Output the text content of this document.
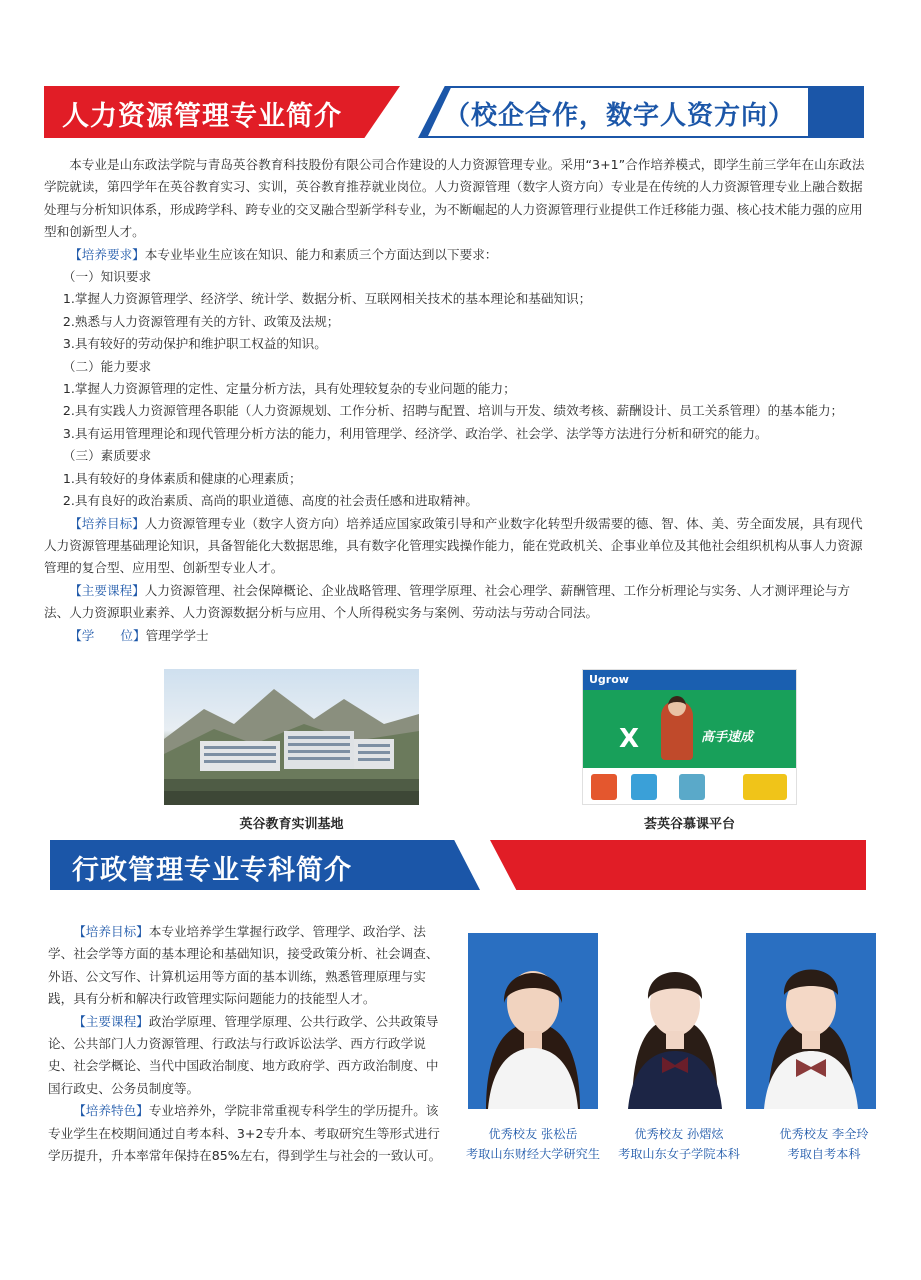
人力资源管理专业简介	（校企合作，数字人资方向）

本专业是山东政法学院与青岛英谷教育科技股份有限公司合作建设的人力资源管理专业。采用“3+1”合作培养模式，即学生前三学年在山东政法学院就读，第四学年在英谷教育实习、实训，英谷教育推荐就业岗位。人力资源管理（数字人资方向）专业是在传统的人力资源管理专业上融合数据处理与分析知识体系，形成跨学科、跨专业的交叉融合型新学科专业，为不断崛起的人力资源管理行业提供工作迁移能力强、核心技术能力强的应用型和创新型人才。

【培养要求】本专业毕业生应该在知识、能力和素质三个方面达到以下要求：

（一）知识要求

1.掌握人力资源管理学、经济学、统计学、数据分析、互联网相关技术的基本理论和基础知识；

2.熟悉与人力资源管理有关的方针、政策及法规；

3.具有较好的劳动保护和维护职工权益的知识。

（二）能力要求

1.掌握人力资源管理的定性、定量分析方法，具有处理较复杂的专业问题的能力；

2.具有实践人力资源管理各职能（人力资源规划、工作分析、招聘与配置、培训与开发、绩效考核、薪酬设计、员工关系管理）的基本能力；

3.具有运用管理理论和现代管理分析方法的能力，利用管理学、经济学、政治学、社会学、法学等方法进行分析和研究的能力。

（三）素质要求

1.具有较好的身体素质和健康的心理素质；

2.具有良好的政治素质、高尚的职业道德、高度的社会责任感和进取精神。

【培养目标】人力资源管理专业（数字人资方向）培养适应国家政策引导和产业数字化转型升级需要的德、智、体、美、劳全面发展，具有现代人力资源管理基础理论知识，具备智能化大数据思维，具有数字化管理实践操作能力，能在党政机关、企事业单位及其他社会组织机构从事人力资源管理的复合型、应用型、创新型专业人才。

【主要课程】人力资源管理、社会保障概论、企业战略管理、管理学原理、社会心理学、薪酬管理、工作分析理论与实务、人才测评理论与方法、人力资源职业素养、人力资源数据分析与应用、个人所得税实务与案例、劳动法与劳动合同法。

【学 位】管理学学士

英谷教育实训基地
Ugrow
X	高手速成
荟英谷慕课平台
行政管理专业专科简介

【培养目标】本专业培养学生掌握行政学、管理学、政治学、法学、社会学等方面的基本理论和基础知识，接受政策分析、社会调查、外语、公文写作、计算机运用等方面的基本训练，熟悉管理原理与实践，具有分析和解决行政管理实际问题能力的技能型人才。

【主要课程】政治学原理、管理学原理、公共行政学、公共政策导论、公共部门人力资源管理、行政法与行政诉讼法学、西方行政学说史、社会学概论、当代中国政治制度、地方政府学、西方政治制度、中国行政史、公务员制度等。

【培养特色】专业培养外，学院非常重视专科学生的学历提升。该专业学生在校期间通过自考本科、3+2专升本、考取研究生等形式进行学历提升，升本率常年保持在85%左右，得到学生与社会的一致认可。

优秀校友 张松岳
考取山东财经大学研究生
优秀校友 孙熠炫
考取山东女子学院本科
优秀校友 李全玲
考取自考本科
